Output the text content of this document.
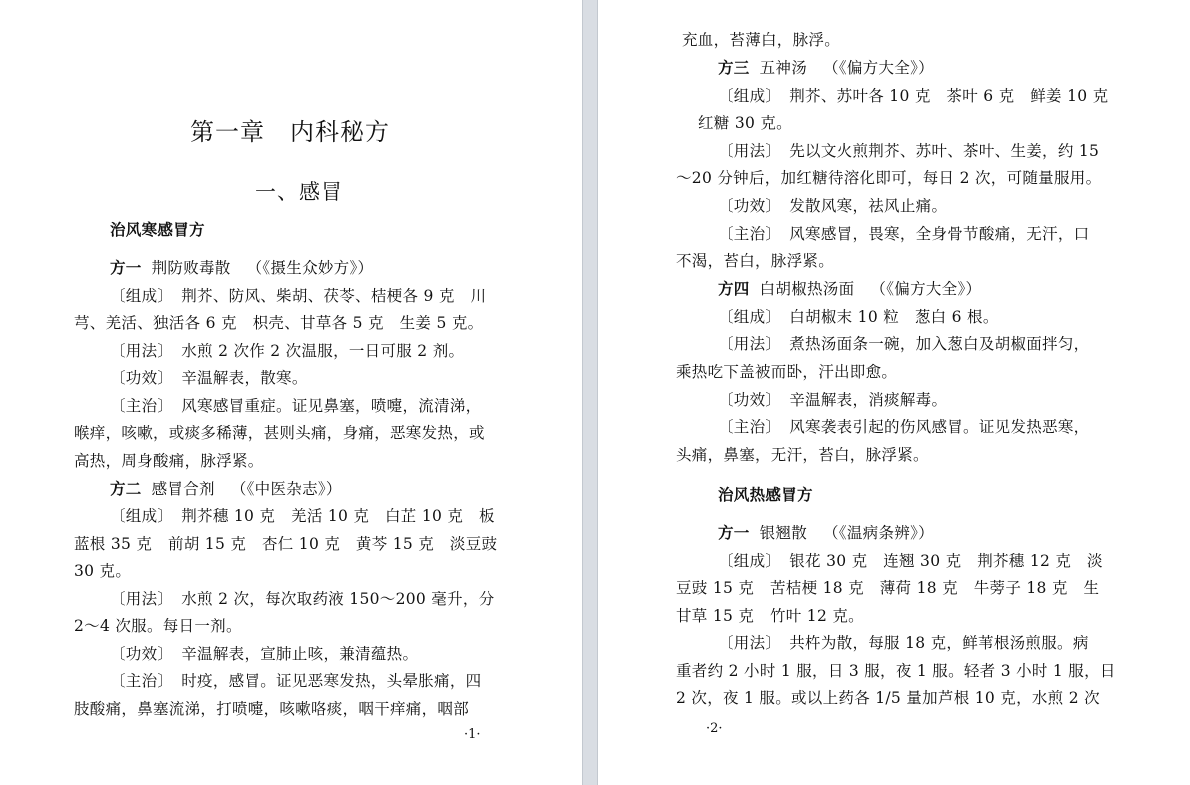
第一章　内科秘方
一、感冒
治风寒感冒方
方一 荆防败毒散 （《摄生众妙方》）
〔组成〕　荆芥、防风、柴胡、茯苓、桔梗各 9 克　川
芎、羌活、独活各 6 克　枳壳、甘草各 5 克　生姜 5 克。
〔用法〕　水煎 2 次作 2 次温服，一日可服 2 剂。
〔功效〕　辛温解表，散寒。
〔主治〕　风寒感冒重症。证见鼻塞，喷嚏，流清涕，
喉痒，咳嗽，或痰多稀薄，甚则头痛，身痛，恶寒发热，或
高热，周身酸痛，脉浮紧。
方二 感冒合剂 （《中医杂志》）
〔组成〕　荆芥穗 10 克　羌活 10 克　白芷 10 克　板
蓝根 35 克　前胡 15 克　杏仁 10 克　黄芩 15 克　淡豆豉
30 克。
〔用法〕　水煎 2 次，每次取药液 150～200 毫升，分
2～4 次服。每日一剂。
〔功效〕　辛温解表，宣肺止咳，兼清蕴热。
〔主治〕　时疫，感冒。证见恶寒发热，头晕胀痛，四
肢酸痛，鼻塞流涕，打喷嚏，咳嗽咯痰，咽干痒痛，咽部
·1·
充血，苔薄白，脉浮。
方三 五神汤 （《偏方大全》）
〔组成〕　荆芥、苏叶各 10 克　茶叶 6 克　鲜姜 10 克
红糖 30 克。
〔用法〕　先以文火煎荆芥、苏叶、茶叶、生姜，约 15
～20 分钟后，加红糖待溶化即可，每日 2 次，可随量服用。
〔功效〕　发散风寒，祛风止痛。
〔主治〕　风寒感冒，畏寒，全身骨节酸痛，无汗，口
不渴，苔白，脉浮紧。
方四 白胡椒热汤面 （《偏方大全》）
〔组成〕　白胡椒末 10 粒　葱白 6 根。
〔用法〕　煮热汤面条一碗，加入葱白及胡椒面拌匀，
乘热吃下盖被而卧，汗出即愈。
〔功效〕　辛温解表，消痰解毒。
〔主治〕　风寒袭表引起的伤风感冒。证见发热恶寒，
头痛，鼻塞，无汗，苔白，脉浮紧。
治风热感冒方
方一 银翘散 （《温病条辨》）
〔组成〕　银花 30 克　连翘 30 克　荆芥穗 12 克　淡
豆豉 15 克　苦桔梗 18 克　薄荷 18 克　牛蒡子 18 克　生
甘草 15 克　竹叶 12 克。
〔用法〕　共杵为散，每服 18 克，鲜苇根汤煎服。病
重者约 2 小时 1 服，日 3 服，夜 1 服。轻者 3 小时 1 服，日
2 次，夜 1 服。或以上药各 1/5 量加芦根 10 克，水煎 2 次
·2·
